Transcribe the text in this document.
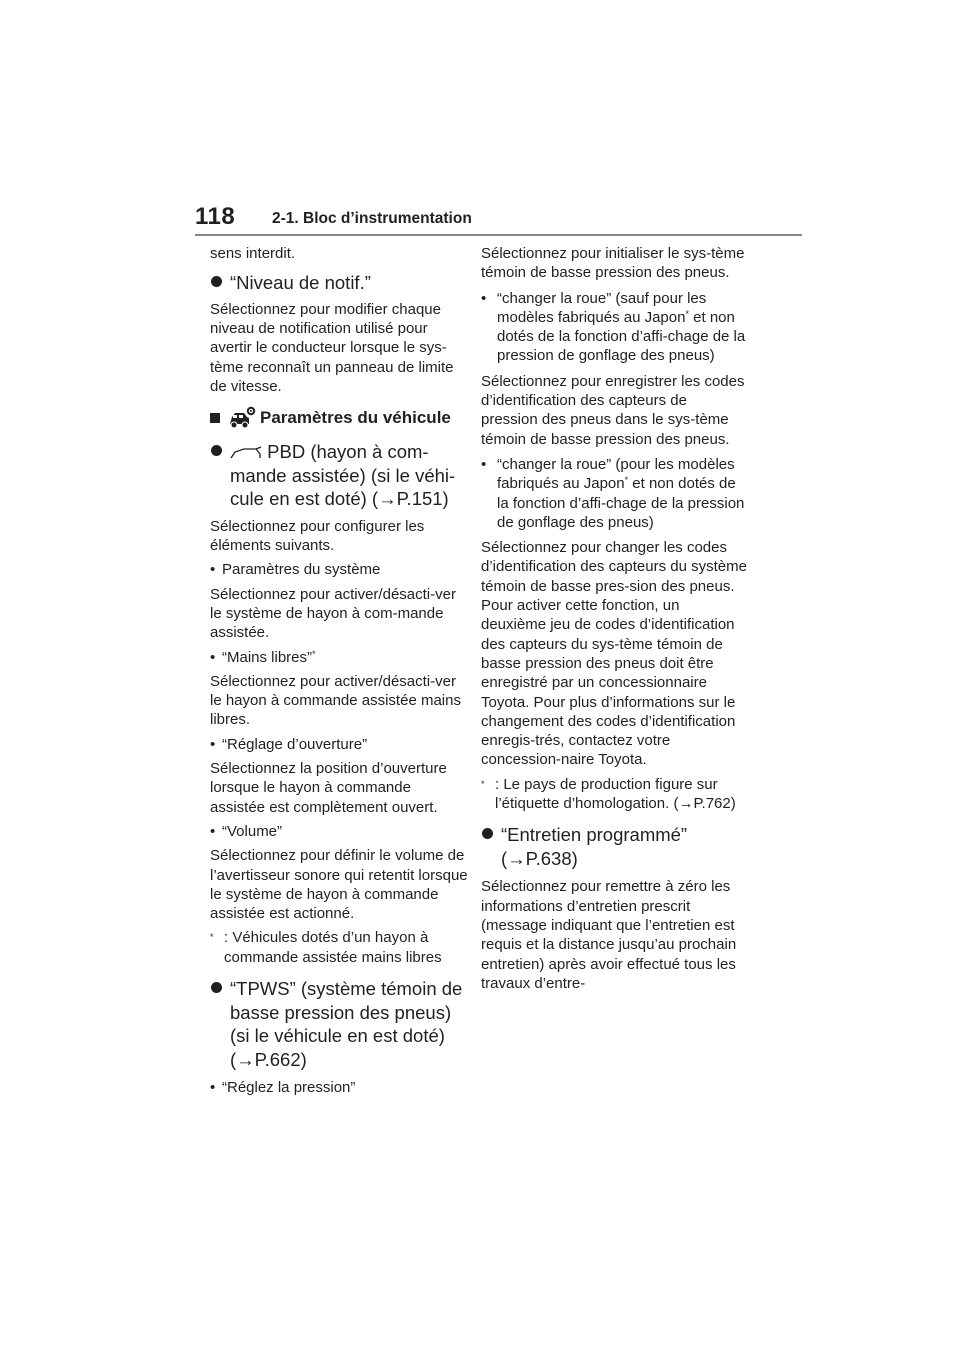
118 2-1. Bloc d’instrumentation

sens interdit.

“Niveau de notif.”

Sélectionnez pour modifier chaque niveau de notification utilisé pour avertir le conducteur lorsque le sys-tème reconnaît un panneau de limite de vitesse.

Paramètres du véhicule
PBD (hayon à com-mande assistée) (si le véhi-cule en est doté) (→P.151)

Sélectionnez pour configurer les éléments suivants.

• Paramètres du système

Sélectionnez pour activer/désacti-ver le système de hayon à com-mande assistée.

• “Mains libres”*

Sélectionnez pour activer/désacti-ver le hayon à commande assistée mains libres.

• “Réglage d’ouverture”

Sélectionnez la position d’ouverture lorsque le hayon à commande assistée est complètement ouvert.

• “Volume”

Sélectionnez pour définir le volume de l’avertisseur sonore qui retentit lorsque le système de hayon à commande assistée est actionné.

* : Véhicules dotés d’un hayon à commande assistée mains libres
“TPWS” (système témoin de basse pression des pneus) (si le véhicule en est doté) (→P.662)
• “Réglez la pression”

Sélectionnez pour initialiser le sys-tème témoin de basse pression des pneus.

• “changer la roue” (sauf pour les modèles fabriqués au Japon* et non dotés de la fonction d’affi-chage de la pression de gonflage des pneus)

Sélectionnez pour enregistrer les codes d’identification des capteurs de pression des pneus dans le sys-tème témoin de basse pression des pneus.

• “changer la roue” (pour les modèles fabriqués au Japon* et non dotés de la fonction d’affi-chage de la pression de gonflage des pneus)

Sélectionnez pour changer les codes d’identification des capteurs du système témoin de basse pres-sion des pneus. Pour activer cette fonction, un deuxième jeu de codes d’identification des capteurs du sys-tème témoin de basse pression des pneus doit être enregistré par un concessionnaire Toyota. Pour plus d’informations sur le changement des codes d’identification enregis-trés, contactez votre concession-naire Toyota.

* : Le pays de production figure sur l’étiquette d’homologation. (→P.762)
“Entretien programmé” (→P.638)

Sélectionnez pour remettre à zéro les informations d’entretien prescrit (message indiquant que l’entretien est requis et la distance jusqu’au prochain entretien) après avoir effectué tous les travaux d’entre-
